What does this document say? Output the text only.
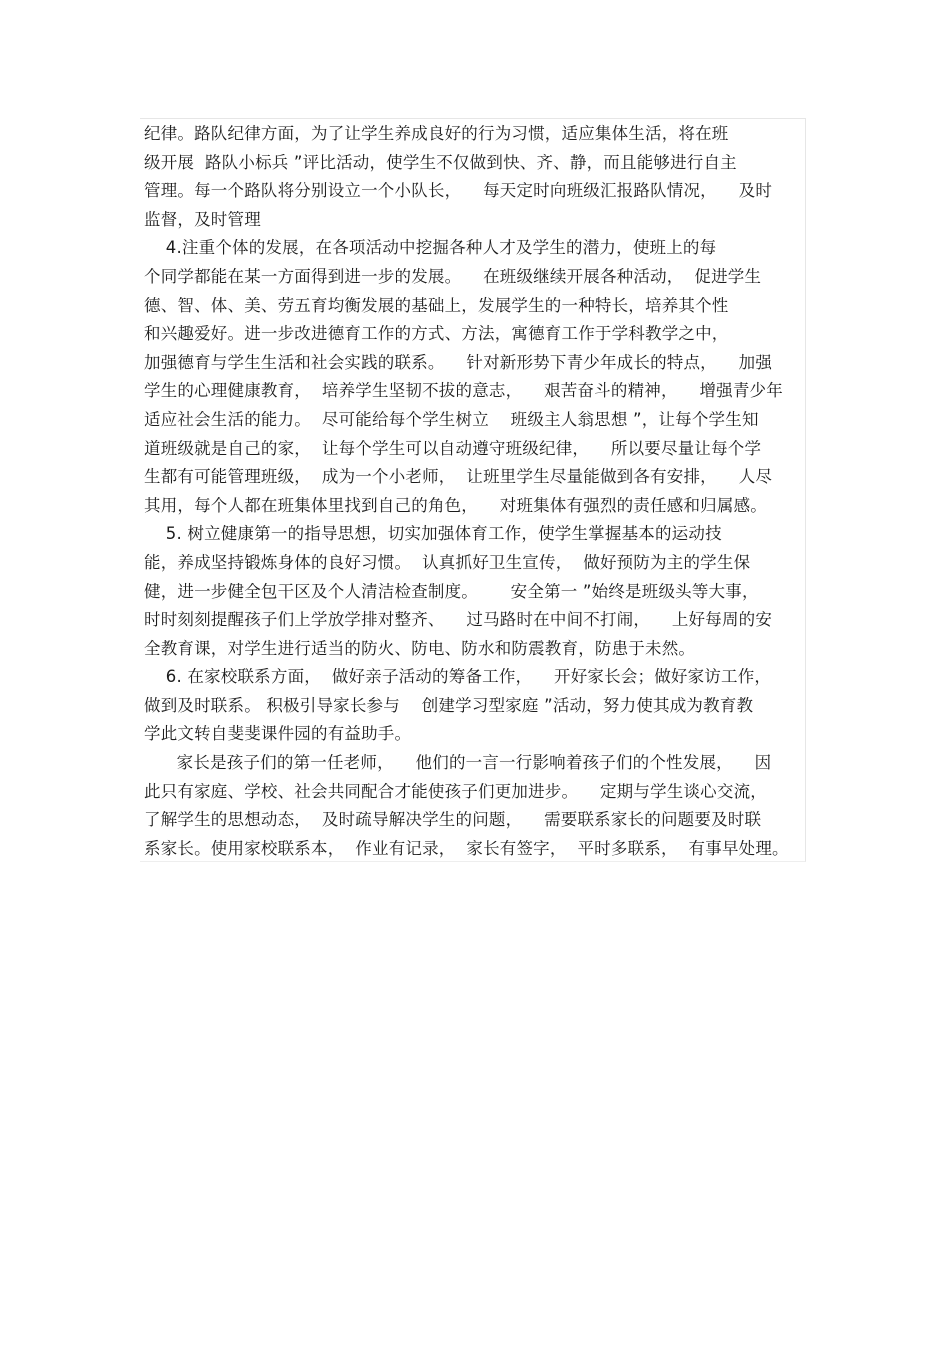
纪律。路队纪律方面，为了让学生养成良好的行为习惯，适应集体生活，将在班
级开展  路队小标兵 ”评比活动，使学生不仅做到快、齐、静，而且能够进行自主
管理。每一个路队将分别设立一个小队长，    每天定时向班级汇报路队情况，    及时
监督，及时管理
4.注重个体的发展，在各项活动中挖掘各种人才及学生的潜力，使班上的每
个同学都能在某一方面得到进一步的发展。    在班级继续开展各种活动，  促进学生
德、智、体、美、劳五育均衡发展的基础上，发展学生的一种特长，培养其个性
和兴趣爱好。进一步改进德育工作的方式、方法，寓德育工作于学科教学之中，
加强德育与学生生活和社会实践的联系。    针对新形势下青少年成长的特点，    加强
学生的心理健康教育，  培养学生坚韧不拔的意志，    艰苦奋斗的精神，    增强青少年
适应社会生活的能力。  尽可能给每个学生树立    班级主人翁思想 ”，让每个学生知
道班级就是自己的家，  让每个学生可以自动遵守班级纪律，    所以要尽量让每个学
生都有可能管理班级，  成为一个小老师，  让班里学生尽量能做到各有安排，    人尽
其用，每个人都在班集体里找到自己的角色，    对班集体有强烈的责任感和归属感。
5. 树立健康第一的指导思想，切实加强体育工作，使学生掌握基本的运动技
能，养成坚持锻炼身体的良好习惯。  认真抓好卫生宣传，  做好预防为主的学生保
健，进一步健全包干区及个人清洁检查制度。      安全第一 ”始终是班级头等大事，
时时刻刻提醒孩子们上学放学排对整齐、    过马路时在中间不打闹，    上好每周的安
全教育课，对学生进行适当的防火、防电、防水和防震教育，防患于未然。
6. 在家校联系方面，  做好亲子活动的筹备工作，    开好家长会；做好家访工作，
做到及时联系。 积极引导家长参与    创建学习型家庭 ”活动，努力使其成为教育教
学此文转自斐斐课件园的有益助手。
家长是孩子们的第一任老师，    他们的一言一行影响着孩子们的个性发展，    因
此只有家庭、学校、社会共同配合才能使孩子们更加进步。    定期与学生谈心交流，
了解学生的思想动态，  及时疏导解决学生的问题，    需要联系家长的问题要及时联
系家长。使用家校联系本，  作业有记录，  家长有签字，  平时多联系，  有事早处理。
